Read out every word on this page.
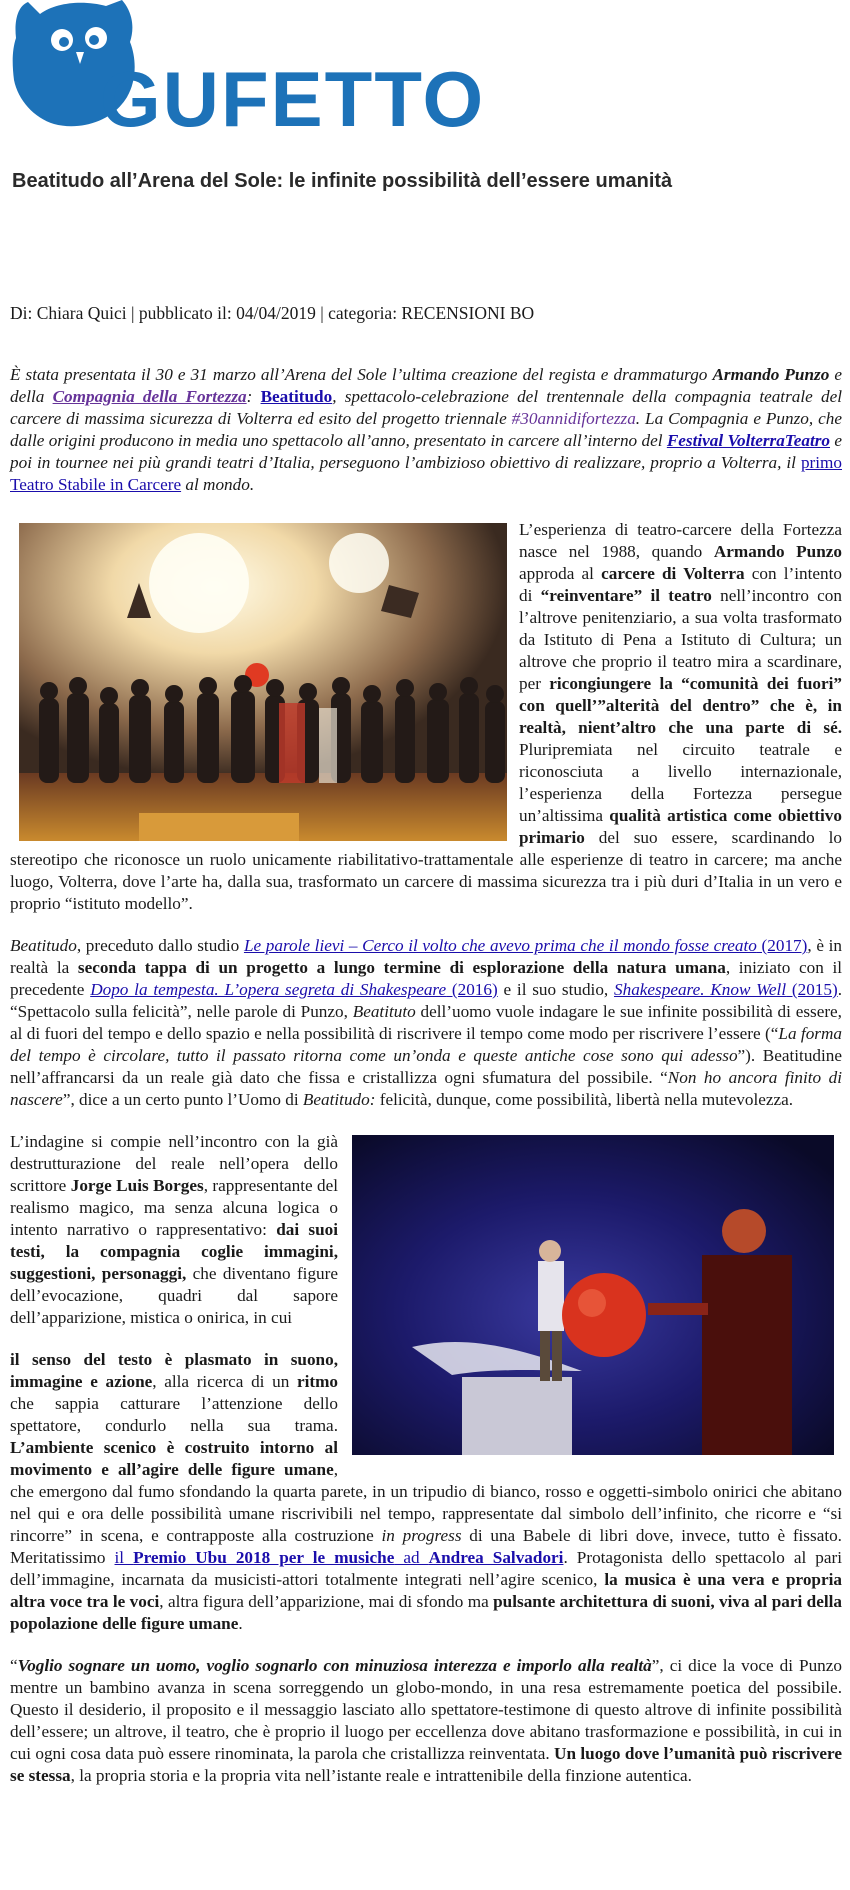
GUFETTO
Beatitudo all’Arena del Sole: le infinite possibilità dell’essere umanità
Di: Chiara Quici | pubblicato il: 04/04/2019 | categoria: RECENSIONI BO

È stata presentata il 30 e 31 marzo all’Arena del Sole l’ultima creazione del regista e drammaturgo Armando Punzo e della Compagnia della Fortezza: Beatitudo, spettacolo-celebrazione del trentennale della compagnia teatrale del carcere di massima sicurezza di Volterra ed esito del progetto triennale #30annidifortezza. La Compagnia e Punzo, che dalle origini producono in media uno spettacolo all’anno, presentato in carcere all’interno del Festival VolterraTeatro e poi in tournee nei più grandi teatri d’Italia, perseguono l’ambizioso obiettivo di realizzare, proprio a Volterra, il primo Teatro Stabile in Carcere al mondo.

L’esperienza di teatro-carcere della Fortezza nasce nel 1988, quando Armando Punzo approda al carcere di Volterra con l’intento di “reinventare” il teatro nell’incontro con l’altrove penitenziario, a sua volta trasformato da Istituto di Pena a Istituto di Cultura; un altrove che proprio il teatro mira a scardinare, per ricongiungere la “comunità dei fuori” con quell’”alterità del dentro” che è, in realtà, nient’altro che una parte di sé. Pluripremiata nel circuito teatrale e riconosciuta a livello internazionale, l’esperienza della Fortezza persegue un’altissima qualità artistica come obiettivo primario del suo essere, scardinando lo stereotipo che riconosce un ruolo unicamente riabilitativo-trattamentale alle esperienze di teatro in carcere; ma anche luogo, Volterra, dove l’arte ha, dalla sua, trasformato un carcere di massima sicurezza tra i più duri d’Italia in un vero e proprio “istituto modello”.

Beatitudo, preceduto dallo studio Le parole lievi – Cerco il volto che avevo prima che il mondo fosse creato (2017), è in realtà la seconda tappa di un progetto a lungo termine di esplorazione della natura umana, iniziato con il precedente Dopo la tempesta. L’opera segreta di Shakespeare (2016) e il suo studio, Shakespeare. Know Well (2015). “Spettacolo sulla felicità”, nelle parole di Punzo, Beatituto dell’uomo vuole indagare le sue infinite possibilità di essere, al di fuori del tempo e dello spazio e nella possibilità di riscrivere il tempo come modo per riscrivere l’essere (“La forma del tempo è circolare, tutto il passato ritorna come un’onda e queste antiche cose sono qui adesso”). Beatitudine nell’affrancarsi da un reale già dato che fissa e cristallizza ogni sfumatura del possibile. “Non ho ancora finito di nascere”, dice a un certo punto l’Uomo di Beatitudo: felicità, dunque, come possibilità, libertà nella mutevolezza.

L’indagine si compie nell’incontro con la già destrutturazione del reale nell’opera dello scrittore Jorge Luis Borges, rappresentante del realismo magico, ma senza alcuna logica o intento narrativo o rappresentativo: dai suoi testi, la compagnia coglie immagini, suggestioni, personaggi, che diventano figure dell’evocazione, quadri dal sapore dell’apparizione, mistica o onirica, in cui
il senso del testo è plasmato in suono, immagine e azione, alla ricerca di un ritmo che sappia catturare l’attenzione dello spettatore, condurlo nella sua trama. L’ambiente scenico è costruito intorno al movimento e all’agire delle figure umane, che emergono dal fumo sfondando la quarta parete, in un tripudio di bianco, rosso e oggetti-simbolo onirici che abitano nel qui e ora delle possibilità umane riscrivibili nel tempo, rappresentate dal simbolo dell’infinito, che ricorre e “si rincorre” in scena, e contrapposte alla costruzione in progress di una Babele di libri dove, invece, tutto è fissato. Meritatissimo il Premio Ubu 2018 per le musiche ad Andrea Salvadori. Protagonista dello spettacolo al pari dell’immagine, incarnata da musicisti-attori totalmente integrati nell’agire scenico, la musica è una vera e propria altra voce tra le voci, altra figura dell’apparizione, mai di sfondo ma pulsante architettura di suoni, viva al pari della popolazione delle figure umane.

“Voglio sognare un uomo, voglio sognarlo con minuziosa interezza e imporlo alla realtà”, ci dice la voce di Punzo mentre un bambino avanza in scena sorreggendo un globo-mondo, in una resa estremamente poetica del possibile. Questo il desiderio, il proposito e il messaggio lasciato allo spettatore-testimone di questo altrove di infinite possibilità dell’essere; un altrove, il teatro, che è proprio il luogo per eccellenza dove abitano trasformazione e possibilità, in cui in cui ogni cosa data può essere rinominata, la parola che cristallizza reinventata. Un luogo dove l’umanità può riscrivere se stessa, la propria storia e la propria vita nell’istante reale e intrattenibile della finzione autentica.
